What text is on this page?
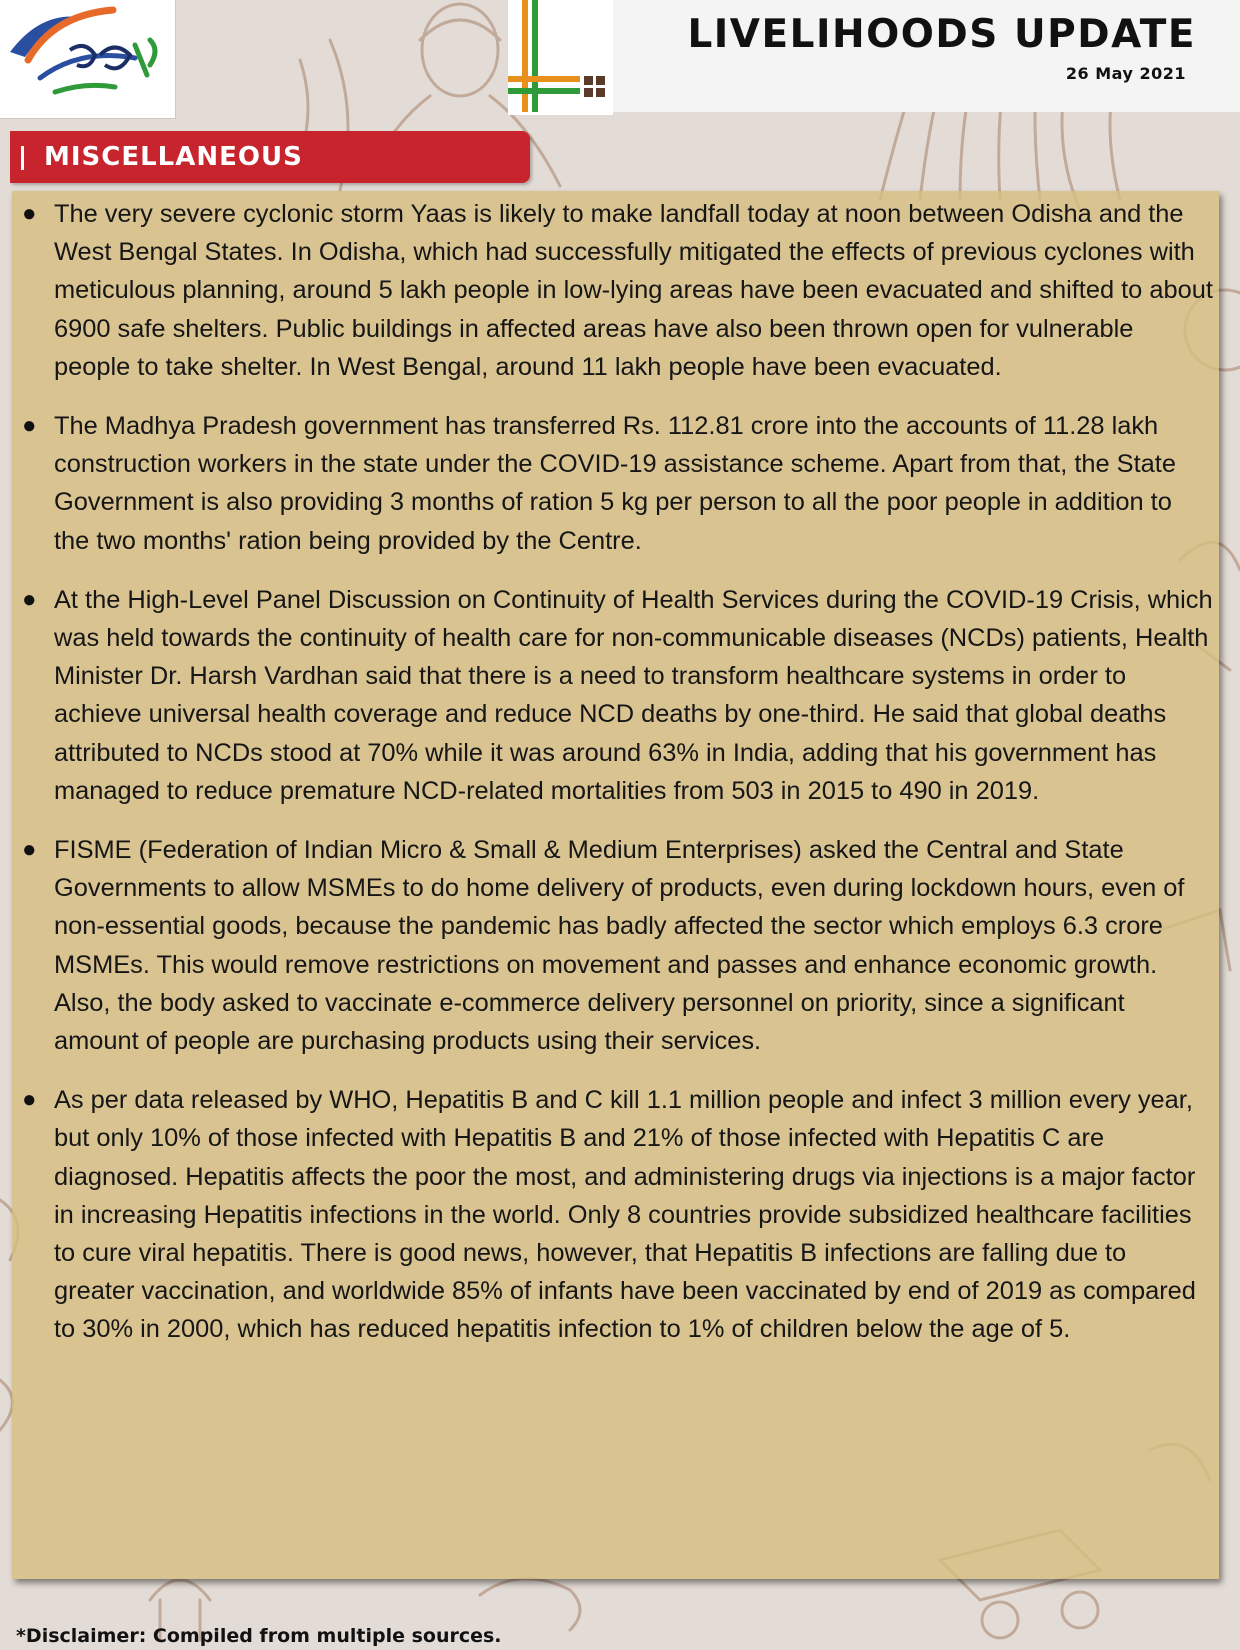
LIVELIHOODS UPDATE

26 May 2021

MISCELLANEOUS
● The very severe cyclonic storm Yaas is likely to make landfall today at noon between Odisha and the West Bengal States. In Odisha, which had successfully mitigated the effects of previous cyclones with meticulous planning, around 5 lakh people in low-lying areas have been evacuated and shifted to about 6900 safe shelters. Public buildings in affected areas have also been thrown open for vulnerable people to take shelter. In West Bengal, around 11 lakh people have been evacuated.

● The Madhya Pradesh government has transferred Rs. 112.81 crore into the accounts of 11.28 lakh construction workers in the state under the COVID-19 assistance scheme. Apart from that, the State Government is also providing 3 months of ration 5 kg per person to all the poor people in addition to the two months' ration being provided by the Centre.

● At the High-Level Panel Discussion on Continuity of Health Services during the COVID-19 Crisis, which was held towards the continuity of health care for non-communicable diseases (NCDs) patients, Health Minister Dr. Harsh Vardhan said that there is a need to transform healthcare systems in order to achieve universal health coverage and reduce NCD deaths by one-third. He said that global deaths attributed to NCDs stood at 70% while it was around 63% in India, adding that his government has managed to reduce premature NCD-related mortalities from 503 in 2015 to 490 in 2019.

● FISME (Federation of Indian Micro & Small & Medium Enterprises) asked the Central and State Governments to allow MSMEs to do home delivery of products, even during lockdown hours, even of non-essential goods, because the pandemic has badly affected the sector which employs 6.3 crore MSMEs. This would remove restrictions on movement and passes and enhance economic growth. Also, the body asked to vaccinate e-commerce delivery personnel on priority, since a significant amount of people are purchasing products using their services.

● As per data released by WHO, Hepatitis B and C kill 1.1 million people and infect 3 million every year, but only 10% of those infected with Hepatitis B and 21% of those infected with Hepatitis C are diagnosed. Hepatitis affects the poor the most, and administering drugs via injections is a major factor in increasing Hepatitis infections in the world. Only 8 countries provide subsidized healthcare facilities to cure viral hepatitis. There is good news, however, that Hepatitis B infections are falling due to greater vaccination, and worldwide 85% of infants have been vaccinated by end of 2019 as compared to 30% in 2000, which has reduced hepatitis infection to 1% of children below the age of 5.

*Disclaimer: Compiled from multiple sources.
